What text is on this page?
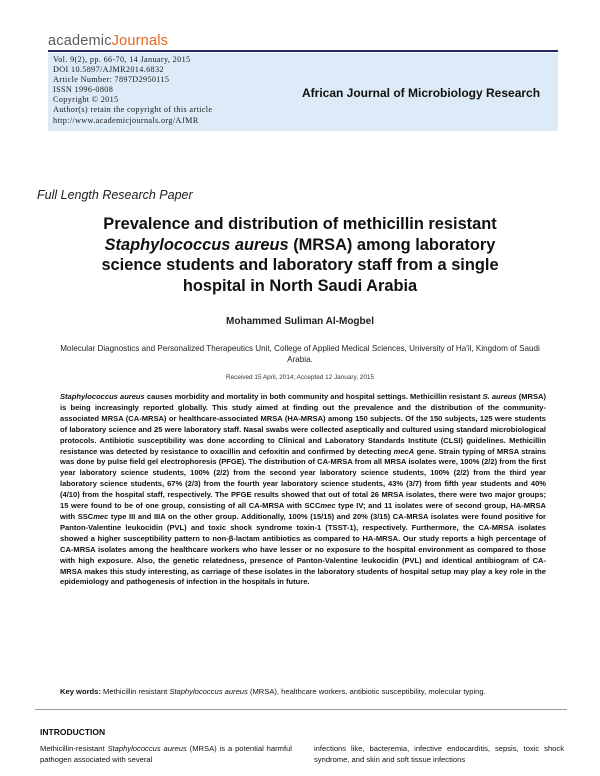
academicJournals
Vol. 9(2), pp. 66-70, 14 January, 2015
DOI 10.5897/AJMR2014.6832
Article Number: 7897D2950115
ISSN 1996-0808
Copyright © 2015
Author(s) retain the copyright of this article
http://www.academicjournals.org/AJMR
African Journal of Microbiology Research
Full Length Research Paper
Prevalence and distribution of methicillin resistant
Staphylococcus aureus (MRSA) among laboratory
science students and laboratory staff from a single
hospital in North Saudi Arabia
Mohammed Suliman Al-Mogbel
Molecular Diagnostics and Personalized Therapeutics Unit, College of Applied Medical Sciences, University of Ha'il, Kingdom of Saudi Arabia.
Received 15 April, 2014; Accepted 12 January, 2015
Staphylococcus aureus causes morbidity and mortality in both community and hospital settings. Methicillin resistant S. aureus (MRSA) is being increasingly reported globally. This study aimed at finding out the prevalence and the distribution of the community-associated MRSA (CA-MRSA) or healthcare-associated MRSA (HA-MRSA) among 150 subjects. Of the 150 subjects, 125 were students of laboratory science and 25 were laboratory staff. Nasal swabs were collected aseptically and cultured using standard microbiological protocols. Antibiotic susceptibility was done according to Clinical and Laboratory Standards Institute (CLSI) guidelines. Methicillin resistance was detected by resistance to oxacillin and cefoxitin and confirmed by detecting mecA gene. Strain typing of MRSA strains was done by pulse field gel electrophoresis (PFGE). The distribution of CA-MRSA from all MRSA isolates were, 100% (2/2) from the first year laboratory science students, 100% (2/2) from the second year laboratory science students, 100% (2/2) from the third year laboratory science students, 67% (2/3) from the fourth year laboratory science students, 43% (3/7) from fifth year students and 40% (4/10) from the hospital staff, respectively. The PFGE results showed that out of total 26 MRSA isolates, there were two major groups; 15 were found to be of one group, consisting of all CA-MRSA with SCCmec type IV; and 11 isolates were of second group, HA-MRSA with SSCmec type III and IIIA on the other group. Additionally, 100% (15/15) and 20% (3/15) CA-MRSA isolates were found positive for Panton-Valentine leukocidin (PVL) and toxic shock syndrome toxin-1 (TSST-1), respectively. Furthermore, the CA-MRSA isolates showed a higher susceptibility pattern to non-β-lactam antibiotics as compared to HA-MRSA. Our study reports a high percentage of CA-MRSA isolates among the healthcare workers who have lesser or no exposure to the hospital environment as compared to those with high exposure. Also, the genetic relatedness, presence of Panton-Valentine leukocidin (PVL) and identical antibiogram of CA-MRSA makes this study interesting, as carriage of these isolates in the laboratory students of hospital setup may play a key role in the epidemiology and pathogenesis of infection in the hospitals in future.
Key words: Methicillin resistant Staphylococcus aureus (MRSA), healthcare workers, antibiotic susceptibility, molecular typing.
INTRODUCTION
Methicillin-resistant Staphylococcus aureus (MRSA) is a potential harmful pathogen associated with several
infections like, bacteremia, infective endocarditis, sepsis, toxic shock syndrome, and skin and soft tissue infections
